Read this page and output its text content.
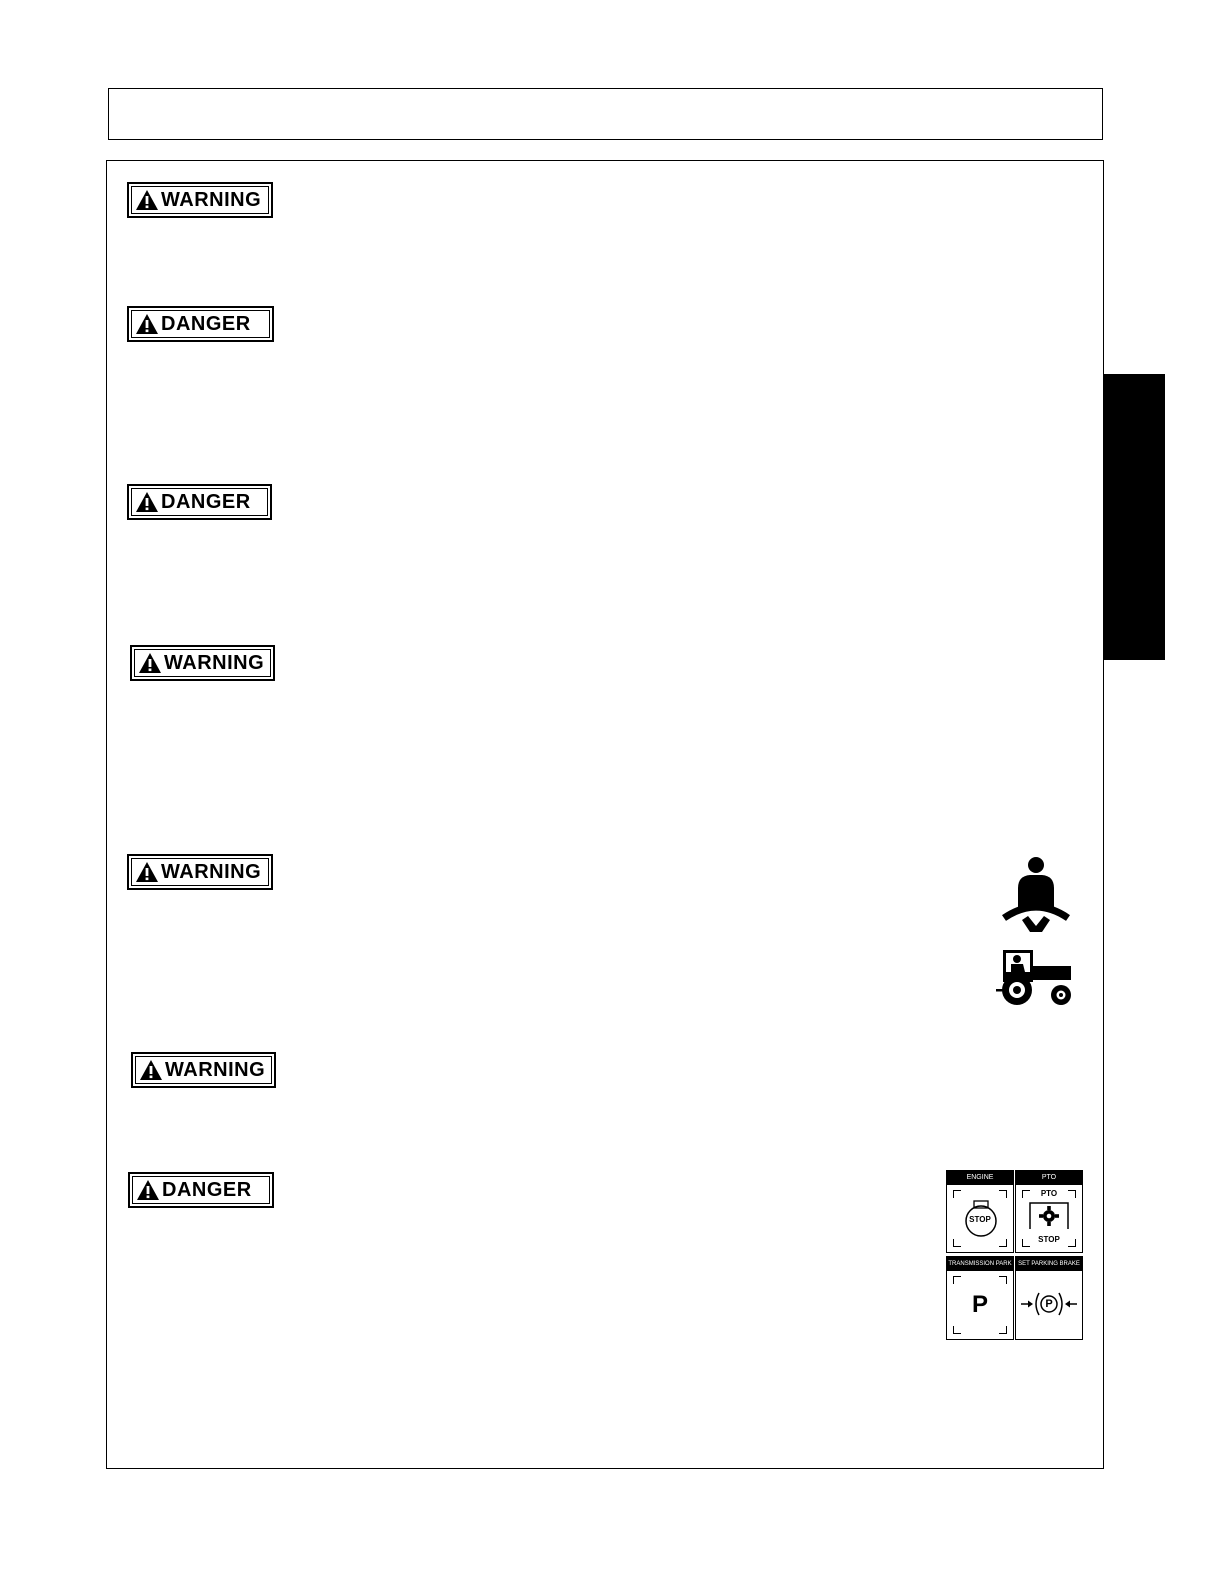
WARNING
DANGER
DANGER
WARNING
WARNING
WARNING
DANGER
ENGINE
STOP
PTO
PTO
STOP
TRANSMISSION PARK
P
SET PARKING BRAKE
P
